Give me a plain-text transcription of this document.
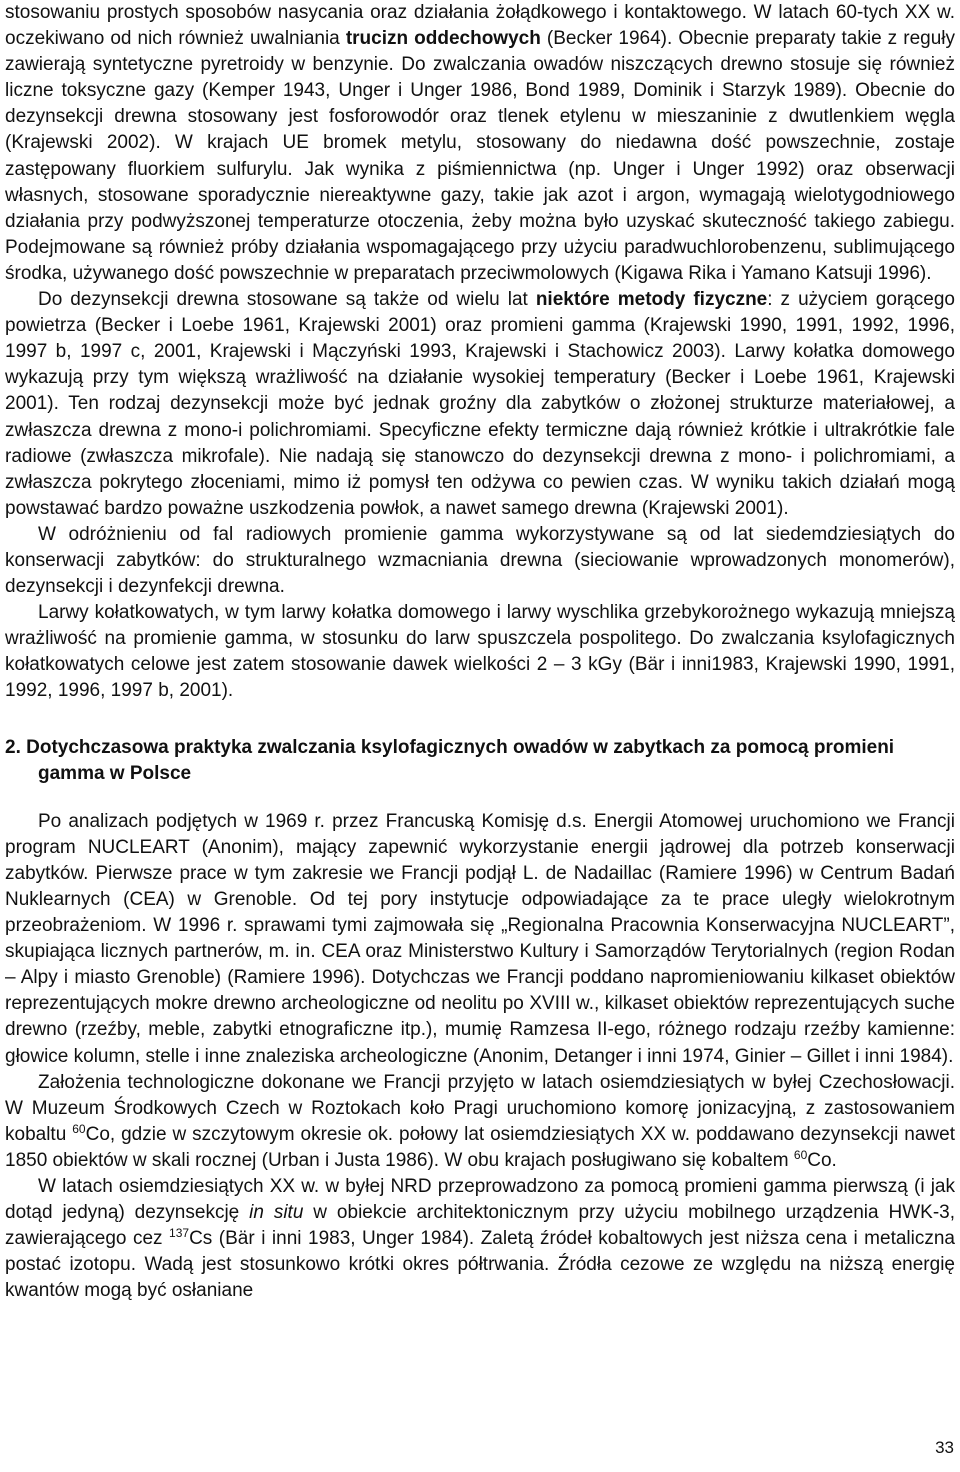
stosowaniu prostych sposobów nasycania oraz działania żołądkowego i kontaktowego. W latach 60-tych XX w. oczekiwano od nich również uwalniania trucizn oddechowych (Becker 1964). Obecnie preparaty takie z reguły zawierają syntetyczne pyretroidy w benzynie. Do zwalczania owadów niszczących drewno stosuje się również liczne toksyczne gazy (Kemper 1943, Unger i Unger 1986, Bond 1989, Dominik i Starzyk 1989). Obecnie do dezynsekcji drewna stosowany jest fosforowodór oraz tlenek etylenu w mieszaninie z dwutlenkiem węgla (Krajewski 2002). W krajach UE bromek metylu, stosowany do niedawna dość powszechnie, zostaje zastępowany fluorkiem sulfurylu. Jak wynika z piśmiennictwa (np. Unger i Unger 1992) oraz obserwacji własnych, stosowane sporadycznie niereaktywne gazy, takie jak azot i argon, wymagają wielotygodniowego działania przy podwyższonej temperaturze otoczenia, żeby można było uzyskać skuteczność takiego zabiegu. Podejmowane są również próby działania wspomagającego przy użyciu paradwuchlorobenzenu, sublimującego środka, używanego dość powszechnie w preparatach przeciwmolowych (Kigawa Rika i Yamano Katsuji 1996).

Do dezynsekcji drewna stosowane są także od wielu lat niektóre metody fizyczne: z użyciem gorącego powietrza (Becker i Loebe 1961, Krajewski 2001) oraz promieni gamma (Krajewski 1990, 1991, 1992, 1996, 1997 b, 1997 c, 2001, Krajewski i Mączyński 1993, Krajewski i Stachowicz 2003). Larwy kołatka domowego wykazują przy tym większą wrażliwość na działanie wysokiej temperatury (Becker i Loebe 1961, Krajewski 2001). Ten rodzaj dezynsekcji może być jednak groźny dla zabytków o złożonej strukturze materiałowej, a zwłaszcza drewna z mono-i polichromiami. Specyficzne efekty termiczne dają również krótkie i ultrakrótkie fale radiowe (zwłaszcza mikrofale). Nie nadają się stanowczo do dezynsekcji drewna z mono- i polichromiami, a zwłaszcza pokrytego złoceniami, mimo iż pomysł ten odżywa co pewien czas. W wyniku takich działań mogą powstawać bardzo poważne uszkodzenia powłok, a nawet samego drewna (Krajewski 2001).

W odróżnieniu od fal radiowych promienie gamma wykorzystywane są od lat siedemdziesiątych do konserwacji zabytków: do strukturalnego wzmacniania drewna (sieciowanie wprowadzonych monomerów), dezynsekcji i dezynfekcji drewna.

Larwy kołatkowatych, w tym larwy kołatka domowego i larwy wyschlika grzebykorożnego wykazują mniejszą wrażliwość na promienie gamma, w stosunku do larw spuszczela pospolitego. Do zwalczania ksylofagicznych kołatkowatych celowe jest zatem stosowanie dawek wielkości 2 – 3 kGy (Bär i inni1983, Krajewski 1990, 1991, 1992, 1996, 1997 b, 2001).

2. Dotychczasowa praktyka zwalczania ksylofagicznych owadów w zabytkach za pomocą promieni gamma w Polsce

Po analizach podjętych w 1969 r. przez Francuską Komisję d.s. Energii Atomowej uruchomiono we Francji program NUCLEART (Anonim), mający zapewnić wykorzystanie energii jądrowej dla potrzeb konserwacji zabytków. Pierwsze prace w tym zakresie we Francji podjął L. de Nadaillac (Ramiere 1996) w Centrum Badań Nuklearnych (CEA) w Grenoble. Od tej pory instytucje odpowiadające za te prace uległy wielokrotnym przeobrażeniom. W 1996 r. sprawami tymi zajmowała się „Regionalna Pracownia Konserwacyjna NUCLEART”, skupiająca licznych partnerów, m. in. CEA oraz Ministerstwo Kultury i Samorządów Terytorialnych (region Rodan – Alpy i miasto Grenoble) (Ramiere 1996). Dotychczas we Francji poddano napromieniowaniu kilkaset obiektów reprezentujących mokre drewno archeologiczne od neolitu po XVIII w., kilkaset obiektów reprezentujących suche drewno (rzeźby, meble, zabytki etnograficzne itp.), mumię Ramzesa II-ego, różnego rodzaju rzeźby kamienne: głowice kolumn, stelle i inne znaleziska archeologiczne (Anonim, Detanger i inni 1974, Ginier – Gillet i inni 1984).

Założenia technologiczne dokonane we Francji przyjęto w latach osiemdziesiątych w byłej Czechosłowacji. W Muzeum Środkowych Czech w Roztokach koło Pragi uruchomiono komorę jonizacyjną, z zastosowaniem kobaltu $^{60}$Co, gdzie w szczytowym okresie ok. połowy lat osiemdziesiątych XX w. poddawano dezynsekcji nawet 1850 obiektów w skali rocznej (Urban i Justa 1986). W obu krajach posługiwano się kobaltem $^{60}$Co.

W latach osiemdziesiątych XX w. w byłej NRD przeprowadzono za pomocą promieni gamma pierwszą (i jak dotąd jedyną) dezynsekcję in situ w obiekcie architektonicznym przy użyciu mobilnego urządzenia HWK-3, zawierającego cez $^{137}$Cs (Bär i inni 1983, Unger 1984). Zaletą źródeł kobaltowych jest niższa cena i metaliczna postać izotopu. Wadą jest stosunkowo krótki okres półtrwania. Źródła cezowe ze względu na niższą energię kwantów mogą być osłaniane

33
